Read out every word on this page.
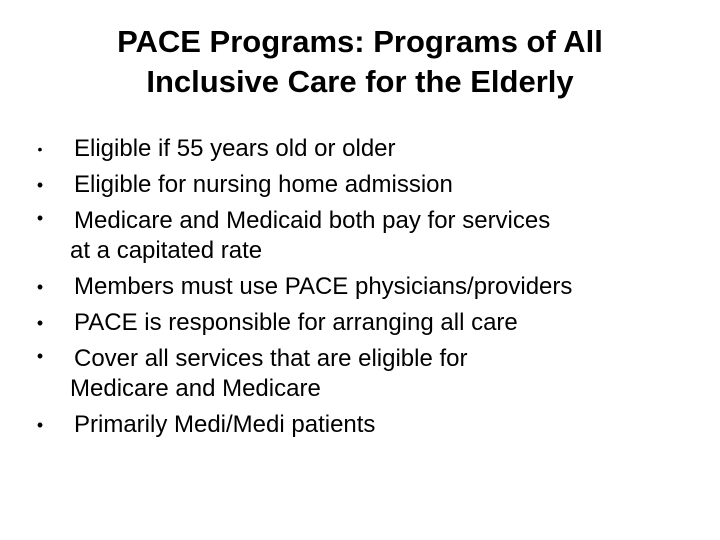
PACE Programs: Programs of All
Inclusive Care for the Elderly
• Eligible if 55 years old or older
• Eligible for nursing home admission
• Medicare and Medicaid both pay for services
at a capitated rate
• Members must use PACE physicians/providers
• PACE is responsible for arranging all care
• Cover all services that are eligible for
Medicare and Medicare
• Primarily Medi/Medi patients
